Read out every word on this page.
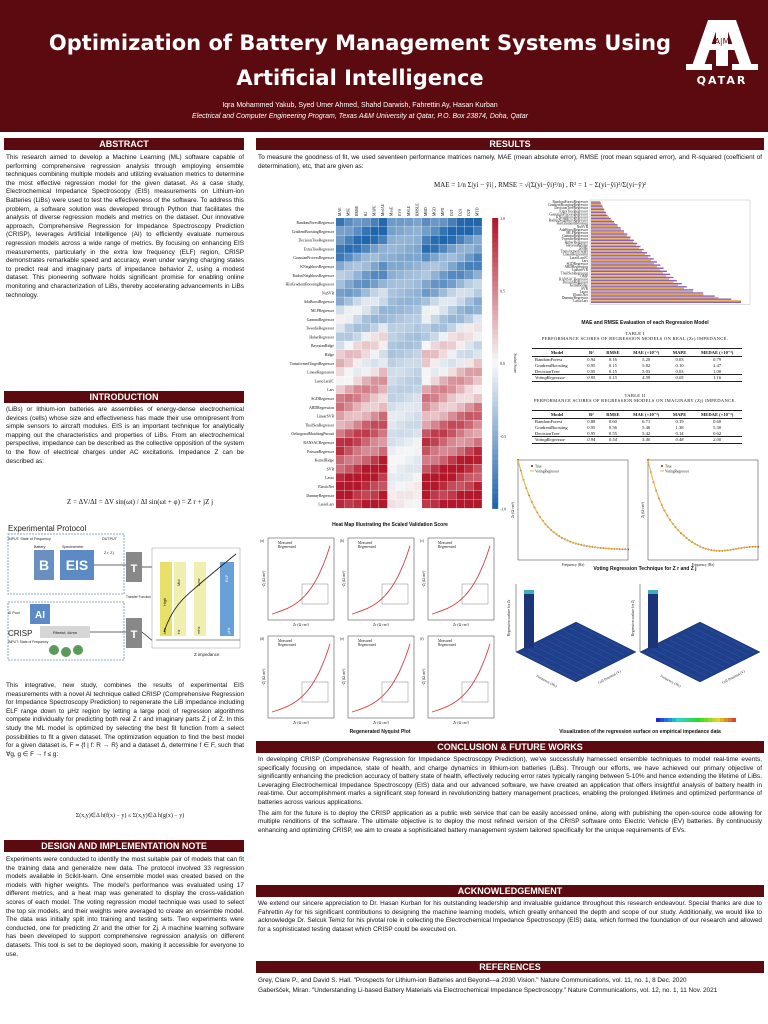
Optimization of Battery Management Systems Using
Artificial Intelligence
Iqra Mohammed Yakub, Syed Umer Ahmed, Shahd Darwish, Fahrettin Ay, Hasan Kurban
Electrical and Computer Engineering Program, Texas A&M University at Qatar, P.O. Box 23874, Doha, Qatar
A|M
QATAR
ABSTRACT
This research aimed to develop a Machine Learning (ML) software capable of performing comprehensive regression analysis through employing ensemble techniques combining multiple models and utilizing evaluation metrics to determine the most effective regression model for the given dataset. As a case study, Electrochemical Impedance Spectroscopy (EIS) measurements on Lithium-ion Batteries (LiBs) were used to test the effectiveness of the software. To address this problem, a software solution was developed through Python that facilitates the analysis of diverse regression models and metrics on the dataset. Our innovative approach, Comprehensive Regression for Impedance Spectroscopy Prediction (CRISP), leverages Artificial Intelligence (AI) to efficiently evaluate numerous regression models across a wide range of metrics. By focusing on enhancing EIS measurements, particularly in the extra low frequency (ELF) region, CRISP demonstrates remarkable speed and accuracy, even under varying charging states to predict real and imaginary parts of impedance behavior Z, using a modest dataset. This pioneering software holds significant promise for enabling online monitoring and characterization of LiBs, thereby accelerating advancements in LiBs technology.
INTRODUCTION
(LiBs) or lithium-ion batteries are assemblies of energy-dense electrochemical devices (cells) whose size and effectiveness has made their use omnipresent from simple sensors to aircraft modules. EIS is an important technique for analytically mapping out the characteristics and properties of LiBs. From an electrochemical perspective, impedance can be described as the collective opposition of the system to the flow of electrical charges under AC excitations. Impedance Z can be described as:
Z = ΔV/ΔI = ΔV sin(ωt) / ΔI sin(ωt + φ) = Z r + jZ j
Experimental Protocol
INPUT: State of Frequency	OUTPUT
Battery	Spectrometer
B EIS	T
Z r, Z j
Transfer Function
AI Pool AI
CRISP
INPUT: State of Frequency
Rfwrist, kkmn	T
High
Mid	Low
ELF
kHz	Hz	mHz	μHz
Z impedance
This integrative, new study, combines the results of experimental EIS measurements with a novel AI technique called CRISP (Comprehensive Regression for Impedance Spectroscopy Prediction) to regenerate the LiB impedance including ELF range down to μHz region by letting a large pool of regression algorithms compete individually for predicting both real Z r and imaginary parts Z j of Z. In this study the ML model is optimized by selecting the best fit function from a select possibilities to fit a given dataset. The optimization equation to find the best model for a given dataset is, F = {f | f: R → R} and a dataset Δ, determine f ∈ F, such that ∀g, g ∈ F → f ≤ g:
Σ(x,y)∈Δ h(f(x) − y) ≤ Σ(x,y)∈Δ h(g(x) − y)
DESIGN AND IMPLEMENTATION NOTE
Experiments were conducted to identify the most suitable pair of models that can fit the training data and generalize new data. The protocol involved 33 regression models available in Scikit-learn. One ensemble model was created based on the models with higher weights. The model's performance was evaluated using 17 different metrics, and a heat map was generated to display the cross-validation scores of each model. The voting regression model technique was used to select the top six models, and their weights were averaged to create an ensemble model. The data was initially split into training and testing sets. Two experiments were conducted, one for predicting Zr and the other for Zj. A machine learning software has been developed to support comprehensive regression analysis on different datasets. This tool is set to be deployed soon, making it accessible for everyone to use.
RESULTS
To measure the goodness of fit, we used seventeen performance matrices namely, MAE (mean absolute error), RMSE (root mean squared error), and R-squared (coefficient of determination), etc, that are given as:
MAE = 1/n Σ|yi − ŷi| , RMSE = √(Σ(yi−ŷi)²/n) , R² = 1 − Σ(yi−ŷi)²/Σ(yi−ȳ)²
MAE MSE RMSE R2 MAPE MedAE MaxE EVS MSLE RMSLE MBD MGD MPD D2T D2A D2P MTD
RandomForestRegressor
GradientBoostingRegressor
DecisionTreeRegressor
ExtraTreeRegressor
GaussianProcessRegressor
KNeighborsRegressor
RadiusNeighborsRegressor
HistGradientBoostingRegressor
NuSVR
AdaBoostRegressor
MLPRegressor
GammaRegressor
TweedieRegressor
HuberRegressor
BayesianRidge
Ridge
TransformedTargetRegressor
LinearRegression
LassoLarsIC
Lars
SGDRegressor
ARDRegression
LinearSVR
TheilSenRegressor
OrthogonalMatchingPursuit
RANSACRegressor
PoissonRegressor
KernelRidge
SVR
Lasso
ElasticNet
DummyRegressor
LassoLars
1.0
0.5
0.0
-0.5
-1.0
Scaled Score
Heat Map Illustrating the Scaled Validation Score
RandomForestRegressor
GradientBoostingRegressor
DecisionTreeRegressor
ExtraTreeRegressor
GaussianProcessRegressor
KNeighborsRegressor
RadiusNeighborsRegressor
HistGradientBoosting
NuSVR
AdaBoostRegressor
MLPRegressor
GammaRegressor
TweedieRegressor
HuberRegressor
BayesianRidge
Ridge
TransformedTarget
LinearRegression
LassoLarsIC
Lars
SGDRegressor
ARDRegression
LinearSVR
TheilSenRegressor
OMP
RANSACRegressor
PoissonRegressor
KernelRidge
SVR
Lasso
ElasticNet
DummyRegressor
LassoLars
MAE and RMSE Evaluation of each Regression Model
TABLE I
PERFORMANCE SCORES OF REGRESSION MODELS ON REAL (Zr) IMPEDANCE.
Model	R²	RMSE	MAE (×10⁻²)	MAPE	MEDAE (×10⁻²)
RandomForest	0.94	0.16	5.20	0.03	0.79
GradientBoosting	0.95	0.15	5.82	0.10	2.47
DecisionTree	0.95	0.15	5.03	0.03	1.00
VotingRegressor	0.95	0.15	4.59	0.05	1.16
TABLE II
PERFORMANCE SCORES OF REGRESSION MODELS ON IMAGINARY (Zj) IMPEDANCE.
Model	R²	RMSE	MAE (×10⁻²)	MAPE	MEDAE (×10⁻²)
RandomForest	0.88	0.60	6.71	0.19	0.60
GradientBoosting	0.95	0.56	5.46	1.38	5.30
DecisionTree	0.95	0.55	5.42	0.14	0.62
VotingRegressor	0.94	0.54	5.40	0.48	2.00
Zr (Ω·cm²)
Frequency (Hz)
Zj (Ω·cm²)
Frequency (Hz)
True
VotingRegressor
True
VotingRegressor
Voting Regression Technique for Z r and Z j
(a)
Zr (Ω cm²)
-Zj (Ω cm²)
Measured
Regenerated
(b)
Zr (Ω cm²)
-Zj (Ω cm²)
Measured
Regenerated
(c)
Zr (Ω cm²)
-Zj (Ω cm²)
Measured
Regenerated
(d)
Zr (Ω cm²)
-Zj (Ω cm²)
Measured
Regenerated
(e)
Zr (Ω cm²)
-Zj (Ω cm²)
Measured
Regenerated
(f)
Zr (Ω cm²)
-Zj (Ω cm²)
Measured
Regenerated
Regenerated Nyquist Plot
Regression surface for Zr
Frequency (Hz)	Cell Potential (V)
Regression surface for Zj
Frequency (Hz)	Cell Potential (V)
Visualization of the regression surface on empirical impedance data
CONCLUSION & FUTURE WORKS

In developing CRISP (Comprehensive Regression for Impedance Spectroscopy Prediction), we've successfully harnessed ensemble techniques to model real-time events, specifically focusing on impedance, state of health, and charge dynamics in lithium-ion batteries (LiBs). Through our efforts, we have achieved our primary objective of significantly enhancing the prediction accuracy of battery state of health, effectively reducing error rates typically ranging between 5-10% and hence extending the lifetime of LiBs. Leveraging Electrochemical Impedance Spectroscopy (EIS) data and our advanced software, we have created an application that offers insightful analysis of battery health in real-time. Our accomplishment marks a significant step forward in revolutionizing battery management practices, enabling the prolonged lifetimes and optimized performance of batteries across various applications.

The aim for the future is to deploy the CRISP application as a public web service that can be easily accessed online, along with publishing the open-source code allowing for multiple renditions of the software. The ultimate objective is to deploy the most refined version of the CRISP software onto Electric Vehicle (EV) batteries. By continuously enhancing and optimizing CRISP, we aim to create a sophisticated battery management system tailored specifically for the unique requirements of EVs.

ACKNOWLEDGEMNENT
We extend our sincere appreciation to Dr. Hasan Kurban for his outstanding leadership and invaluable guidance throughout this research endeavour. Special thanks are due to Fahrettin Ay for his significant contributions to designing the machine learning models, which greatly enhanced the depth and scope of our study. Additionally, we would like to acknowledge Dr. Selcuk Temiz for his pivotal role in collecting the Electrochemical Impedance Spectroscopy (EIS) data, which formed the foundation of our research and allowed for a sophisticated testing dataset which CRISP could be executed on.
REFERENCES
Grey, Clare P., and David S. Hall. "Prospects for Lithium-ion Batteries and Beyond—a 2030 Vision." Nature Communications, vol. 11, no. 1, 8 Dec. 2020
Gaberšček, Miran. "Understanding Li-based Battery Materials via Electrochemical Impedance Spectroscopy." Nature Communications, vol. 12, no. 1, 11 Nov. 2021
